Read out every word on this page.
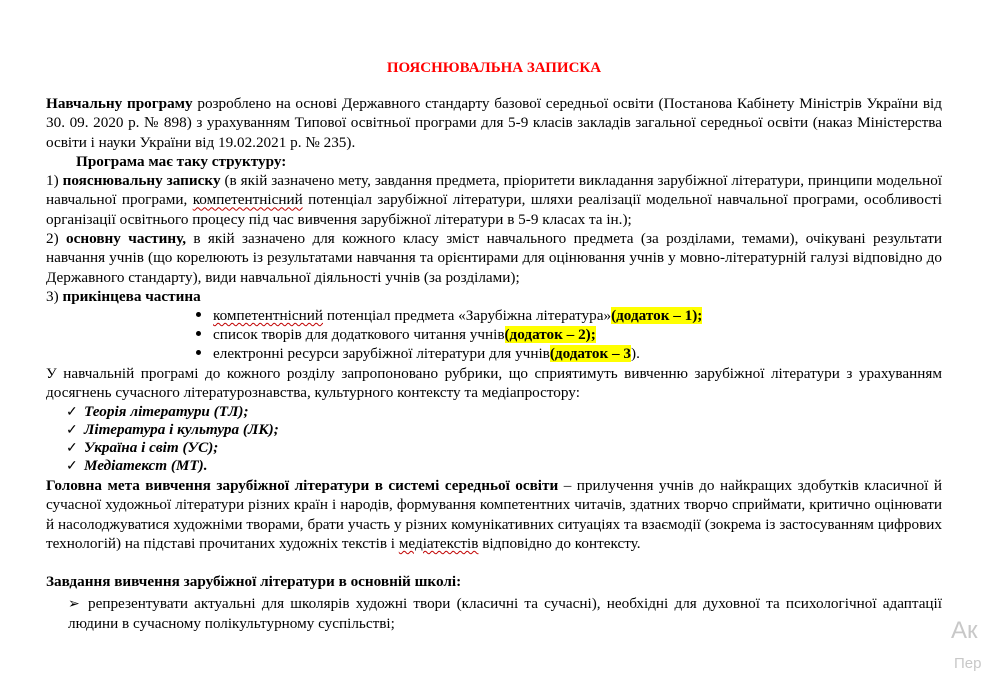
ПОЯСНЮВАЛЬНА ЗАПИСКА
Навчальну програму розроблено на основі Державного стандарту базової середньої освіти (Постанова Кабінету Міністрів України від 30. 09. 2020 р. № 898) з урахуванням Типової освітньої програми для 5-9 класів закладів загальної середньої освіти (наказ Міністерства освіти і науки України від 19.02.2021 р. № 235).
Програма має таку структуру:
1) пояснювальну записку (в якій зазначено мету, завдання предмета, пріоритети викладання зарубіжної літератури, принципи модельної навчальної програми, компетентнісний потенціал зарубіжної літератури, шляхи реалізації модельної навчальної програми, особливості організації освітнього процесу під час вивчення зарубіжної літератури в 5-9 класах та ін.);
2) основну частину, в якій зазначено для кожного класу зміст навчального предмета (за розділами, темами), очікувані результати навчання учнів (що корелюють із результатами навчання та орієнтирами для оцінювання учнів у мовно-літературній галузі відповідно до Державного стандарту), види навчальної діяльності учнів (за розділами);
3) прикінцева частина
компетентнісний потенціал предмета «Зарубіжна література»(додаток – 1);
список творів для додаткового читання учнів(додаток – 2);
електронні ресурси зарубіжної літератури для учнів(додаток – 3).
У навчальній програмі до кожного розділу запропоновано рубрики, що сприятимуть вивченню зарубіжної літератури з урахуванням досягнень сучасного літературознавства, культурного контексту та медіапростору:
✓ Теорія літератури (ТЛ);
✓ Література і культура (ЛК);
✓ Україна і світ (УС);
✓ Медіатекст (МТ).
Головна мета вивчення зарубіжної літератури в системі середньої освіти – прилучення учнів до найкращих здобутків класичної й сучасної художньої літератури різних країн і народів, формування компетентних читачів, здатних творчо сприймати, критично оцінювати й насолоджуватися художніми творами, брати участь у різних комунікативних ситуаціях та взаємодії (зокрема із застосуванням цифрових технологій) на підставі прочитаних художніх текстів і медіатекстів відповідно до контексту.
Завдання вивчення зарубіжної літератури в основній школі:
➢ репрезентувати актуальні для школярів художні твори (класичні та сучасні), необхідні для духовної та психологічної адаптації людини в сучасному полікультурному суспільстві;	Ак
Пер
